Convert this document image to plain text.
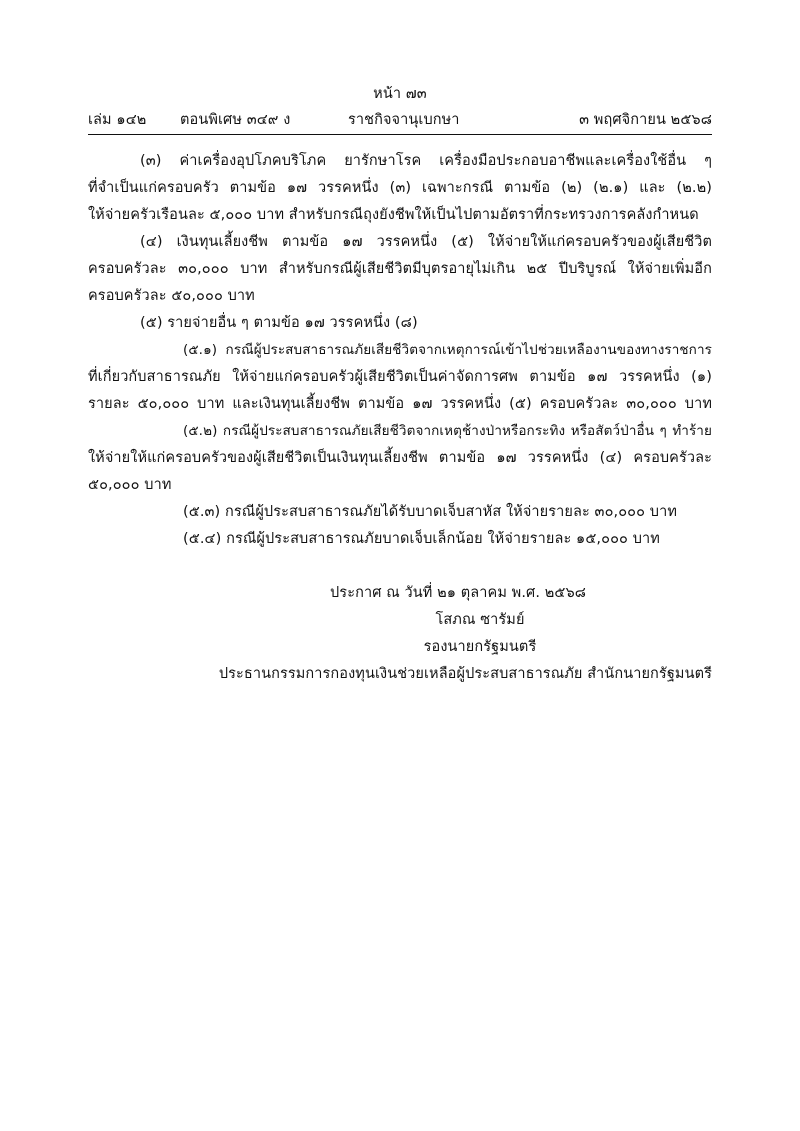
หน้า ๗๓
เล่ม ๑๔๒ ตอนพิเศษ ๓๔๙ ง	ราชกิจจานุเบกษา	๓ พฤศจิกายน ๒๕๖๘
(๓) ค่าเครื่องอุปโภคบริโภค ยารักษาโรค เครื่องมือประกอบอาชีพและเครื่องใช้อื่น ๆ
ที่จำเป็นแก่ครอบครัว ตามข้อ ๑๗ วรรคหนึ่ง (๓) เฉพาะกรณี ตามข้อ (๒) (๒.๑) และ (๒.๒)
ให้จ่ายครัวเรือนละ ๕,๐๐๐ บาท สำหรับกรณีถุงยังชีพให้เป็นไปตามอัตราที่กระทรวงการคลังกำหนด
(๔) เงินทุนเลี้ยงชีพ ตามข้อ ๑๗ วรรคหนึ่ง (๕) ให้จ่ายให้แก่ครอบครัวของผู้เสียชีวิต
ครอบครัวละ ๓๐,๐๐๐ บาท สำหรับกรณีผู้เสียชีวิตมีบุตรอายุไม่เกิน ๒๕ ปีบริบูรณ์ ให้จ่ายเพิ่มอีก
ครอบครัวละ ๕๐,๐๐๐ บาท
(๕) รายจ่ายอื่น ๆ ตามข้อ ๑๗ วรรคหนึ่ง (๘)
(๕.๑) กรณีผู้ประสบสาธารณภัยเสียชีวิตจากเหตุการณ์เข้าไปช่วยเหลืองานของทางราชการ
ที่เกี่ยวกับสาธารณภัย ให้จ่ายแก่ครอบครัวผู้เสียชีวิตเป็นค่าจัดการศพ ตามข้อ ๑๗ วรรคหนึ่ง (๑)
รายละ ๕๐,๐๐๐ บาท และเงินทุนเลี้ยงชีพ ตามข้อ ๑๗ วรรคหนึ่ง (๕) ครอบครัวละ ๓๐,๐๐๐ บาท
(๕.๒) กรณีผู้ประสบสาธารณภัยเสียชีวิตจากเหตุช้างป่าหรือกระทิง หรือสัตว์ป่าอื่น ๆ ทำร้าย
ให้จ่ายให้แก่ครอบครัวของผู้เสียชีวิตเป็นเงินทุนเลี้ยงชีพ ตามข้อ ๑๗ วรรคหนึ่ง (๔) ครอบครัวละ
๕๐,๐๐๐ บาท
(๕.๓) กรณีผู้ประสบสาธารณภัยได้รับบาดเจ็บสาหัส ให้จ่ายรายละ ๓๐,๐๐๐ บาท
(๕.๔) กรณีผู้ประสบสาธารณภัยบาดเจ็บเล็กน้อย ให้จ่ายรายละ ๑๕,๐๐๐ บาท
ประกาศ ณ วันที่ ๒๑ ตุลาคม พ.ศ. ๒๕๖๘
โสภณ ซารัมย์
รองนายกรัฐมนตรี
ประธานกรรมการกองทุนเงินช่วยเหลือผู้ประสบสาธารณภัย สำนักนายกรัฐมนตรี
